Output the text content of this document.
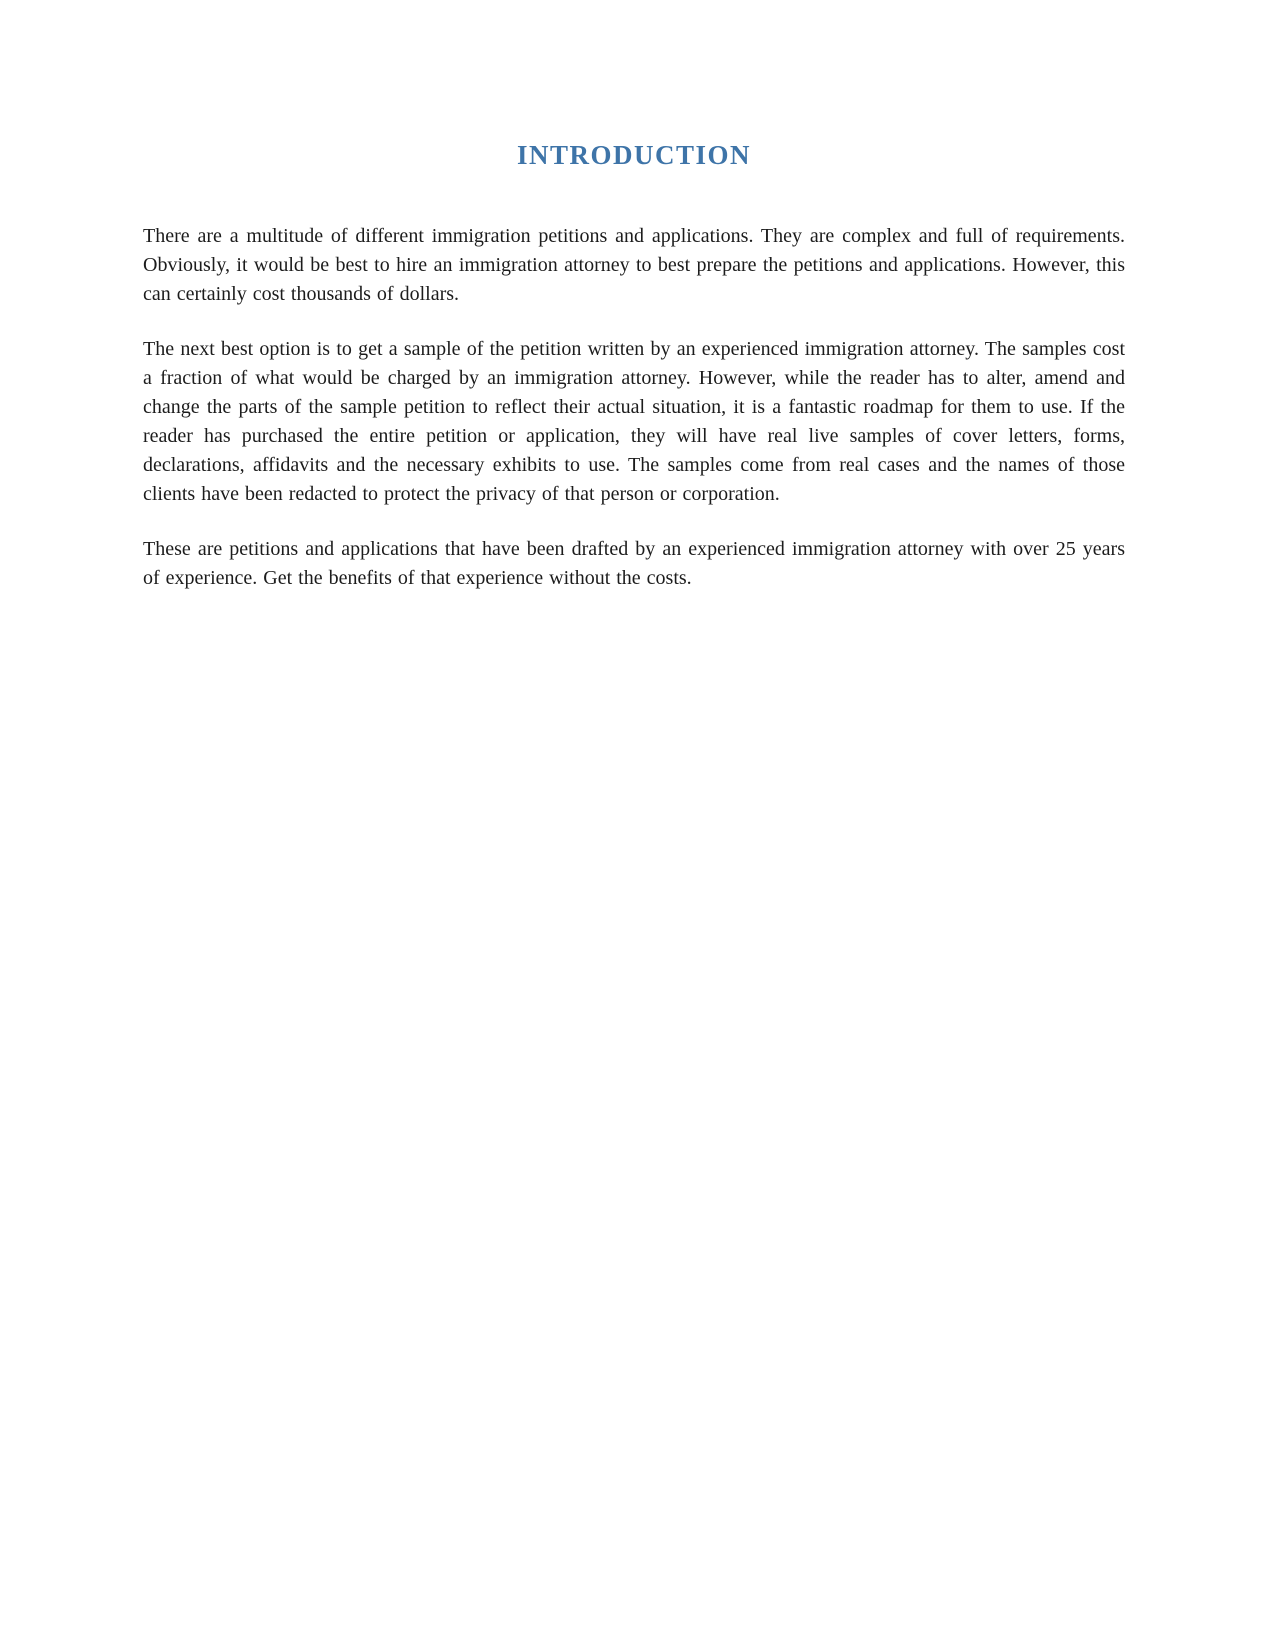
INTRODUCTION

There are a multitude of different immigration petitions and applications. They are complex and full of requirements. Obviously, it would be best to hire an immigration attorney to best prepare the petitions and applications. However, this can certainly cost thousands of dollars.

The next best option is to get a sample of the petition written by an experienced immigration attorney. The samples cost a fraction of what would be charged by an immigration attorney. However, while the reader has to alter, amend and change the parts of the sample petition to reflect their actual situation, it is a fantastic roadmap for them to use. If the reader has purchased the entire petition or application, they will have real live samples of cover letters, forms, declarations, affidavits and the necessary exhibits to use. The samples come from real cases and the names of those clients have been redacted to protect the privacy of that person or corporation.

These are petitions and applications that have been drafted by an experienced immigration attorney with over 25 years of experience. Get the benefits of that experience without the costs.
